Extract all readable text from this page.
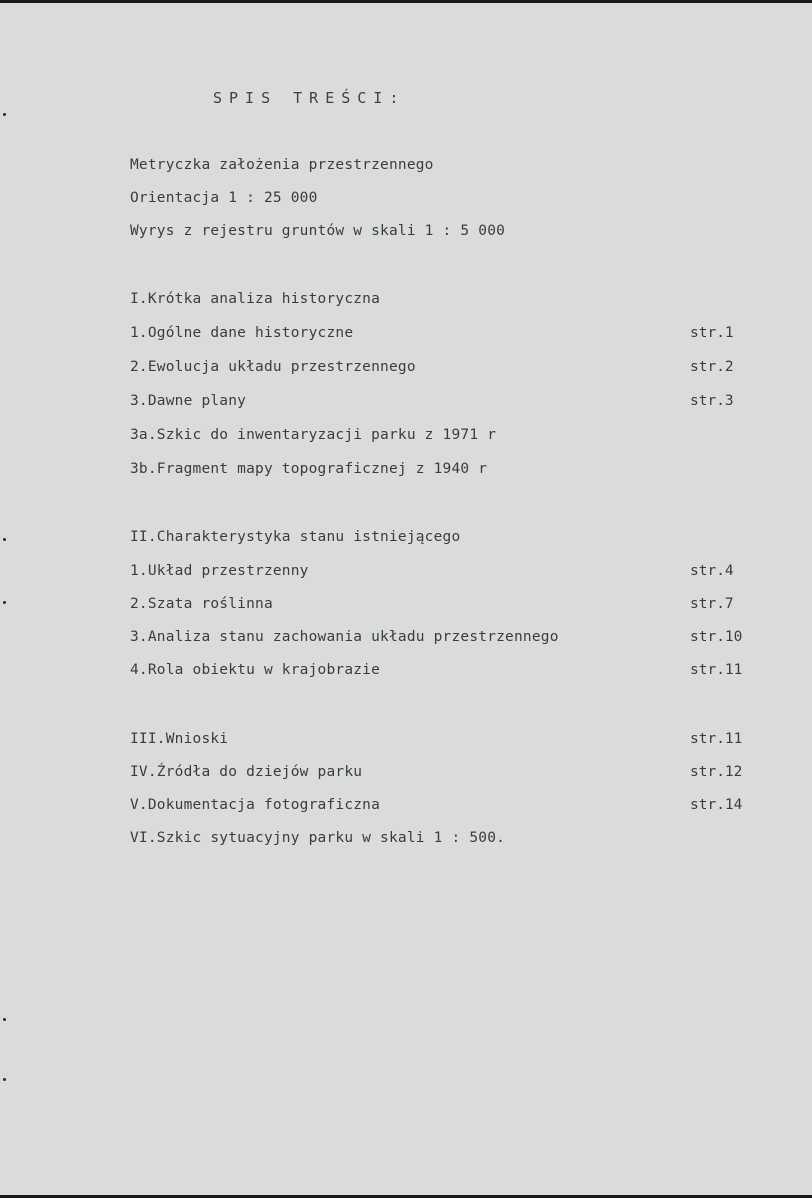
SPIS TREŚCI:
Metryczka założenia przestrzennego
Orientacja 1 : 25 000
Wyrys z rejestru gruntów w skali 1 : 5 000
I.Krótka analiza historyczna
1.Ogólne dane historyczne	str.1
2.Ewolucja układu przestrzennego	str.2
3.Dawne plany	str.3
3a.Szkic do inwentaryzacji parku z 1971 r
3b.Fragment mapy topograficznej z 1940 r
II.Charakterystyka stanu istniejącego
1.Układ przestrzenny	str.4
2.Szata roślinna	str.7
3.Analiza stanu zachowania układu przestrzennego	str.10
4.Rola obiektu w krajobrazie	str.11
III.Wnioski	str.11
IV.Źródła do dziejów parku	str.12
V.Dokumentacja fotograficzna	str.14
VI.Szkic sytuacyjny parku w skali 1 : 500.
